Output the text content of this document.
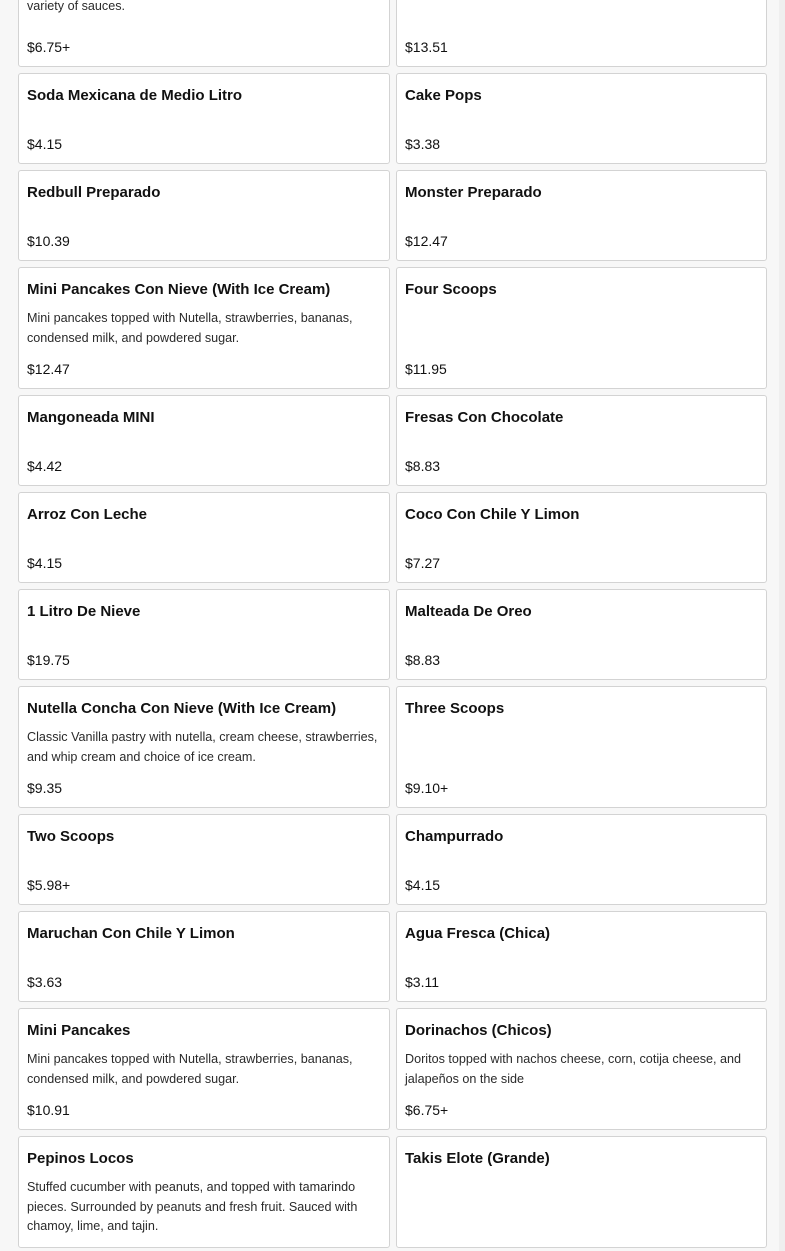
variety of sauces.
$6.75+	$13.51
Soda Mexicana de Medio Litro
$4.15
Cake Pops
$3.38
Redbull Preparado
$10.39
Monster Preparado
$12.47
Mini Pancakes Con Nieve (With Ice Cream)
Mini pancakes topped with Nutella, strawberries, bananas, condensed milk, and powdered sugar.
$12.47
Four Scoops
$11.95
Mangoneada MINI
$4.42
Fresas Con Chocolate
$8.83
Arroz Con Leche
$4.15
Coco Con Chile Y Limon
$7.27
1 Litro De Nieve
$19.75
Malteada De Oreo
$8.83
Nutella Concha Con Nieve (With Ice Cream)
Classic Vanilla pastry with nutella, cream cheese, strawberries, and whip cream and choice of ice cream.
$9.35
Three Scoops
$9.10+
Two Scoops
$5.98+
Champurrado
$4.15
Maruchan Con Chile Y Limon
$3.63
Agua Fresca (Chica)
$3.11
Mini Pancakes
Mini pancakes topped with Nutella, strawberries, bananas, condensed milk, and powdered sugar.
$10.91
Dorinachos (Chicos)
Doritos topped with nachos cheese, corn, cotija cheese, and jalapeños on the side
$6.75+
Pepinos Locos
Stuffed cucumber with peanuts, and topped with tamarindo pieces. Surrounded by peanuts and fresh fruit. Sauced with chamoy, lime, and tajin.
Takis Elote (Grande)
